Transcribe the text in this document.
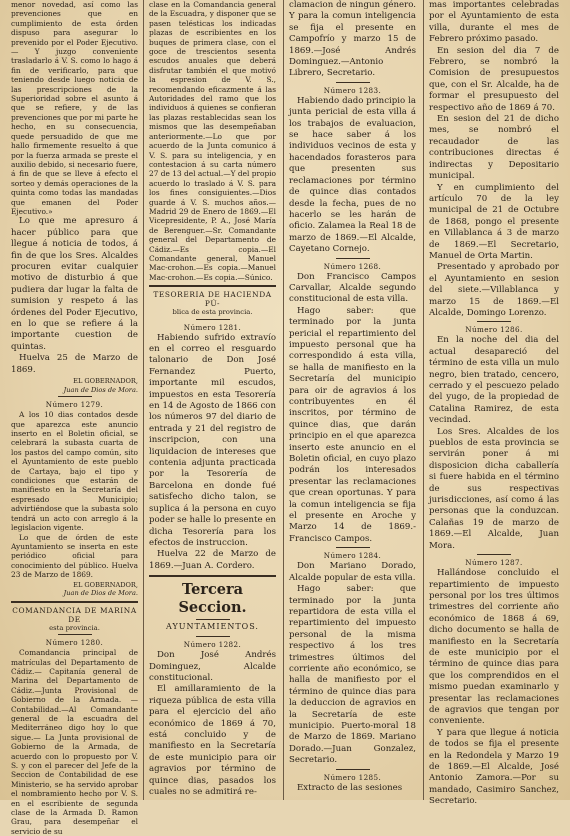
menor novedad, así como las prevenciones que en cumplimiento de esta órden dispuso para asegurar lo prevenido por el Poder Ejecutivo.— Y juzgo conveniente trasladarlo á V. S. como lo hago á fin de verificarlo, para que teniendo desde luego noticia de las prescripciones de la Superioridad sobre el asunto á que se refiere, y de las prevenciones que por mi parte he hecho, en su consecuencia, quede persuadido de que me hallo firmemente resuelto á que por la fuerza armada se preste el auxilio debido, si necesario fuere, á fin de que se lleve á efecto el sorteo y demás operaciones de la quinta como todas las mandadas que emanen del Poder Ejecutivo.»

Lo que me apresuro á hacer público para que llegue á noticia de todos, á fin de que los Sres. Alcaldes procuren evitar cualquier motivo de disturbio á que pudiera dar lugar la falta de sumision y respeto á las órdenes del Poder Ejecutivo, en lo que se refiere á la importante cuestion de quintas.

Huelva 25 de Marzo de 1869.

EL GOBERNADOR,
Juan de Dios de Mora.
Número 1279.

A los 10 dias contados desde que aparezca este anuncio inserto en el Boletin oficial, se celebrará la subasta cuarta de los pastos del campo común, sito el Ayuntamiento de este pueblo de Cartaya, bajo el tipo y condiciones que estarán de manifiesto en la Secretaría del espresado Municipio; advirtiéndose que la subasta solo tendrá un acto con arreglo á la legislacion vigente.

Lo que de órden de este Ayuntamiento se inserta en este periódico oficial para conocimiento del público. Huelva 23 de Marzo de 1869.

EL GOBERNADOR,
Juan de Dios de Mora.
COMANDANCIA DE MARINA DE
esta provincia.
Número 1280.

Comandancia principal de matrículas del Departamento de Cádiz.— Capitanía general de Marina del Departamento de Cádiz.—Junta Provisional de Gobierno de la Armada. —Contabilidad.—Al Comandante general de la escuadra del Mediterráneo digo hoy lo que sigue.— La Junta provisional de Gobierno de la Armada, de acuerdo con lo propuesto por V. S. y con el parecer del Jefe de la Seccion de Contabilidad de ese Ministerio, se ha servido aprobar el nombramiento hecho por V. S. en el escribiente de segunda clase de la Armada D. Ramon Grau, para desempeñar el servicio de su

clase en la Comandancia general de la Escuadra, y disponer que se pasen telésticas los indicadas plazas de escribientes en los buques de primera clase, con el goce de trescientos sesenta escudos anuales que deberá disfrutar también el que motivó la espresion de V. S., recomendando eficazmente á las Autoridades del ramo que los individuos á quienes se confieran las plazas restablecidas sean los mismos que las desempeñaban anteriormente.—Lo que por acuerdo de la Junta comunico á V. S. para su inteligencia, y en contestacion á su carta número 27 de 13 del actual.—Y del propio acuerdo lo traslado á V. S. para los fines consiguientes.—Dios guarde á V. S. muchos años.—Madrid 29 de Enero de 1869.—El Vicepresidente, P. A., José María de Berenguer.—Sr. Comandante general del Departamento de Cádiz.—Es copia.—El Comandante general, Manuel Mac-crohon.—Es copia.—Manuel Mac-crohon.—Es copia.—Súnico.

TESORERIA DE HACIENDA PÚ-
blica de esta provincia.
Número 1281.

Habiendo sufrido extravío en el correo el resguardo talonario de Don José Fernandez Puerto, importante mil escudos, impuestos en esta Tesorería en 14 de Agosto de 1866 con los números 97 del diario de entrada y 21 del registro de inscripcion, con una liquidacion de intereses que contenia adjunta practicada por la Tesorería de Barcelona en donde fué satisfecho dicho talon, se suplica á la persona en cuyo poder se halle lo presente en dicha Tesorería para los efectos de instruccion.

Huelva 22 de Marzo de 1869.—Juan A. Cordero.

Tercera Seccion.
AYUNTAMIENTOS.
Número 1282.

Don José Andrés Dominguez, Alcalde constitucional.

El amillaramiento de la riqueza pública de esta villa para el ejercicio del año económico de 1869 á 70, está concluido y de manifiesto en la Secretaría de este municipio para oir agravios por término de quince dias, pasados los cuales no se admitirá re-

clamacion de ningun género. Y para la comun inteligencia se fija el presente en Campofrío y marzo 15 de 1869.—José Andrés Dominguez.—Antonio Librero, Secretario.

Número 1283.

Habiendo dado principio la junta pericial de esta villa á los trabajos de evaluacion, se hace saber á los individuos vecinos de esta y hacendados forasteros para que presenten sus reclamaciones por término de quince dias contados desde la fecha, pues de no hacerlo se les harán de oficio. Zalamea la Real 18 de marzo de 1869.—El Alcalde, Cayetano Cornejo.

Número 1268.

Don Francisco Campos Carvallar, Alcalde segundo constitucional de esta villa.

Hago saber: que terminado por la junta pericial el repartimiento del impuesto personal que ha correspondido á esta villa, se halla de manifiesto en la Secretaría del municipio para oir de agravios á los contribuyentes en él inscritos, por término de quince dias, que darán principio en el que aparezca inserto este anuncio en el Boletin oficial, en cuyo plazo podrán los interesados presentar las reclamaciones que crean oportunas. Y para la comun inteligencia se fija el presente en Aroche y Marzo 14 de 1869.-Francisco Campos.

Número 1284.

Don Mariano Dorado, Alcalde popular de esta villa.

Hago saber: que terminado por la junta repartidora de esta villa el repartimiento del impuesto personal de la misma respectivo á los tres trimestres últimos del corriente año económico, se halla de manifiesto por el término de quince dias para la deduccion de agravios en la Secretaría de este municipio. Puerto-moral 18 de Marzo de 1869. Mariano Dorado.—Juan Gonzalez, Secretario.

Número 1285.

Extracto de las sesiones

mas importantes celebradas por el Ayuntamiento de esta villa, durante el mes de Febrero próximo pasado.

En sesion del dia 7 de Febrero, se nombró la Comision de presupuestos que, con el Sr. Alcalde, ha de formar el presupuesto del respectivo año de 1869 á 70.

En sesion del 21 de dicho mes, se nombró el recaudador de las contribuciones directas é indirectas y Depositario municipal.

Y en cumplimiento del artículo 70 de la ley municipal de 21 de Octubre de 1868, pongo el presente en Villablanca á 3 de marzo de 1869.—El Secretario, Manuel de Orta Martin.

Presentado y aprobado por el Ayuntamiento en sesion del siete.—Villablanca y marzo 15 de 1869.—El Alcalde, Domingo Lorenzo.

Número 1286.

En la noche del dia del actual desapareció del término de esta villa un mulo negro, bien tratado, cencero, cerrado y el pescuezo pelado del yugo, de la propiedad de Catalina Ramirez, de esta vecindad.

Los Sres. Alcaldes de los pueblos de esta provincia se servirán poner á mi disposicion dicha caballería si fuere habida en el término de sus respectivas jurisdicciones, así como á las personas que la conduzcan. Calañas 19 de marzo de 1869.—El Alcalde, Juan Mora.

Número 1287.

Hallándose concluido el repartimiento de impuesto personal por los tres últimos trimestres del corriente año económico de 1868 á 69, dicho documento se halla de manifiesto en la Secretaría de este municipio por el término de quince dias para que los comprendidos en el mismo puedan examinarlo y presentar las reclamaciones de agravios que tengan por conveniente.

Y para que llegue á noticia de todos se fija el presente en la Redondela y Marzo 19 de 1869.—El Alcalde, José Antonio Zamora.—Por su mandado, Casimiro Sanchez, Secretario.
